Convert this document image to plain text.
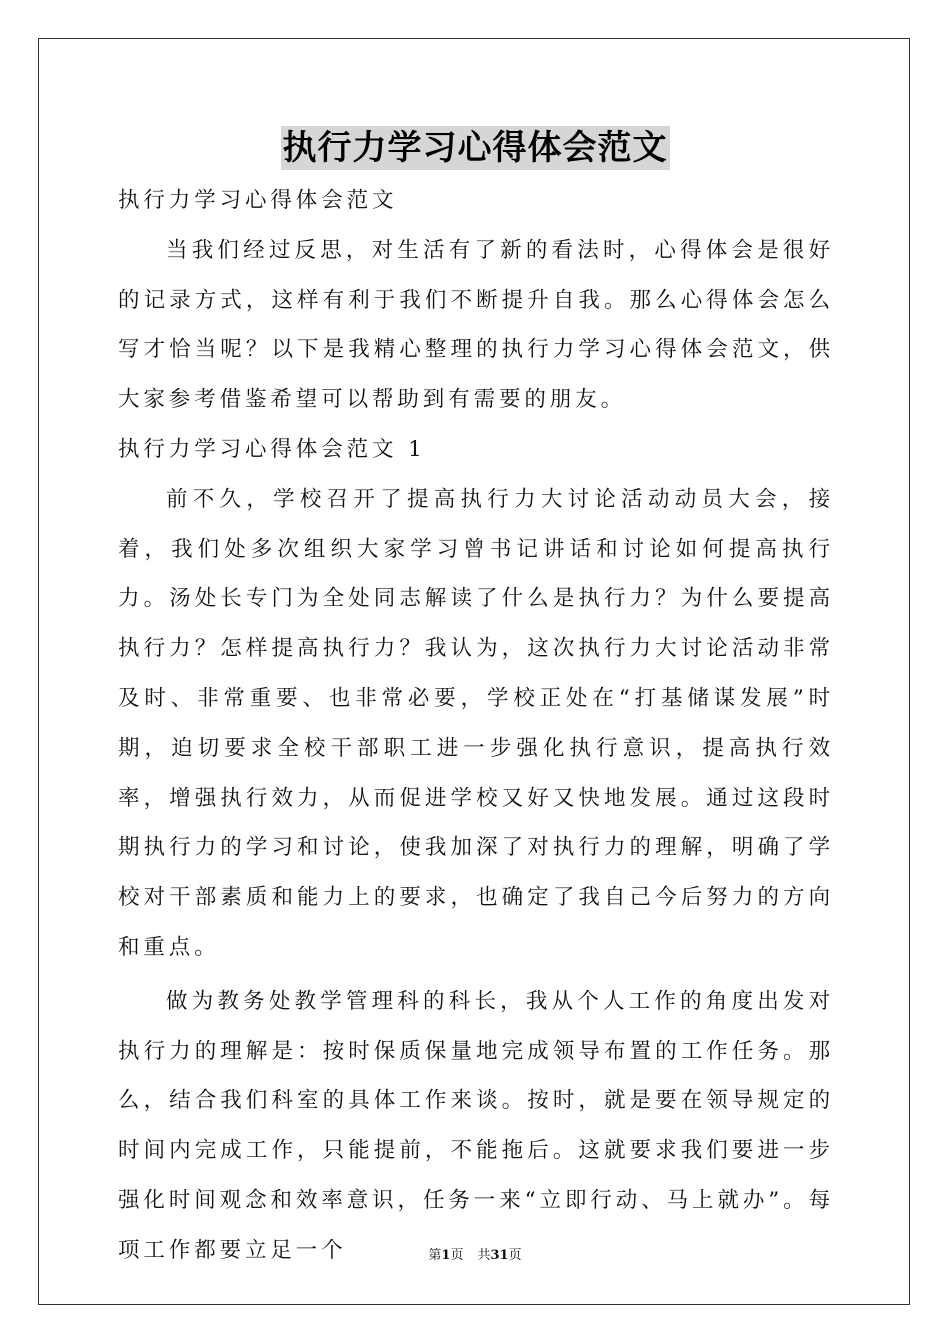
执行力学习心得体会范文

执行力学习心得体会范文

当我们经过反思，对生活有了新的看法时，心得体会是很好的记录方式，这样有利于我们不断提升自我。那么心得体会怎么写才恰当呢？以下是我精心整理的执行力学习心得体会范文，供大家参考借鉴希望可以帮助到有需要的朋友。

执行力学习心得体会范文 1

前不久，学校召开了提高执行力大讨论活动动员大会，接着，我们处多次组织大家学习曾书记讲话和讨论如何提高执行力。汤处长专门为全处同志解读了什么是执行力？为什么要提高执行力？怎样提高执行力？我认为，这次执行力大讨论活动非常及时、非常重要、也非常必要，学校正处在“打基储谋发展”时期，迫切要求全校干部职工进一步强化执行意识，提高执行效率，增强执行效力，从而促进学校又好又快地发展。通过这段时期执行力的学习和讨论，使我加深了对执行力的理解，明确了学校对干部素质和能力上的要求，也确定了我自己今后努力的方向和重点。

做为教务处教学管理科的科长，我从个人工作的角度出发对执行力的理解是：按时保质保量地完成领导布置的工作任务。那么，结合我们科室的具体工作来谈。按时，就是要在领导规定的时间内完成工作，只能提前，不能拖后。这就要求我们要进一步强化时间观念和效率意识，任务一来“立即行动、马上就办”。每项工作都要立足一个	第1页 共31页
